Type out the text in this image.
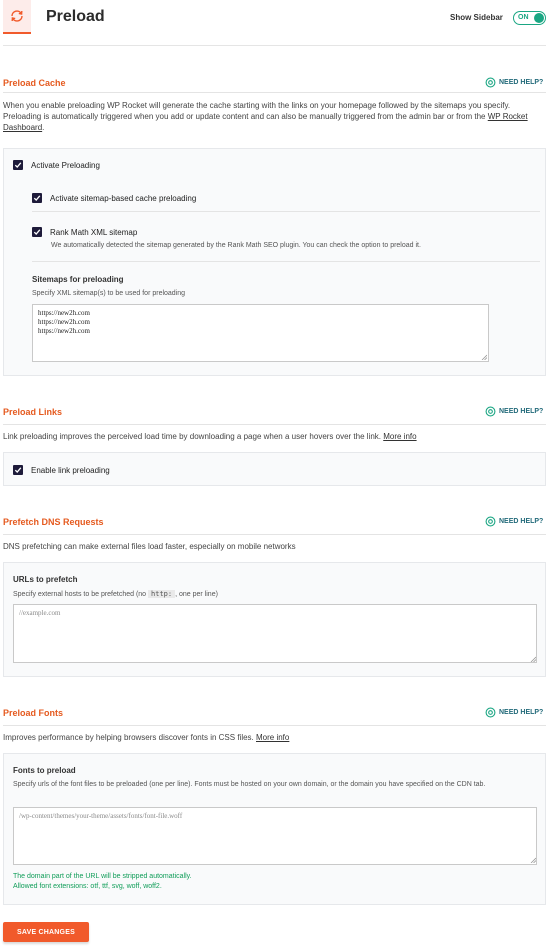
Preload	Show Sidebar ON
Preload Cache	NEED HELP?
When you enable preloading WP Rocket will generate the cache starting with the links on your homepage followed by the sitemaps you specify. Preloading is automatically triggered when you add or update content and can also be manually triggered from the admin bar or from the WP Rocket Dashboard.
Activate Preloading
Activate sitemap-based cache preloading
Rank Math XML sitemap
We automatically detected the sitemap generated by the Rank Math SEO plugin. You can check the option to preload it.
Sitemaps for preloading
Specify XML sitemap(s) to be used for preloading
https://new2h.com
https://new2h.com
https://new2h.com
Preload Links	NEED HELP?
Link preloading improves the perceived load time by downloading a page when a user hovers over the link. More info
Enable link preloading
Prefetch DNS Requests	NEED HELP?
DNS prefetching can make external files load faster, especially on mobile networks
URLs to prefetch
Specify external hosts to be prefetched (no http: , one per line)
//example.com
Preload Fonts	NEED HELP?
Improves performance by helping browsers discover fonts in CSS files. More info
Fonts to preload
Specify urls of the font files to be preloaded (one per line). Fonts must be hosted on your own domain, or the domain you have specified on the CDN tab.
/wp-content/themes/your-theme/assets/fonts/font-file.woff
The domain part of the URL will be stripped automatically.
Allowed font extensions: otf, ttf, svg, woff, woff2.
SAVE CHANGES
